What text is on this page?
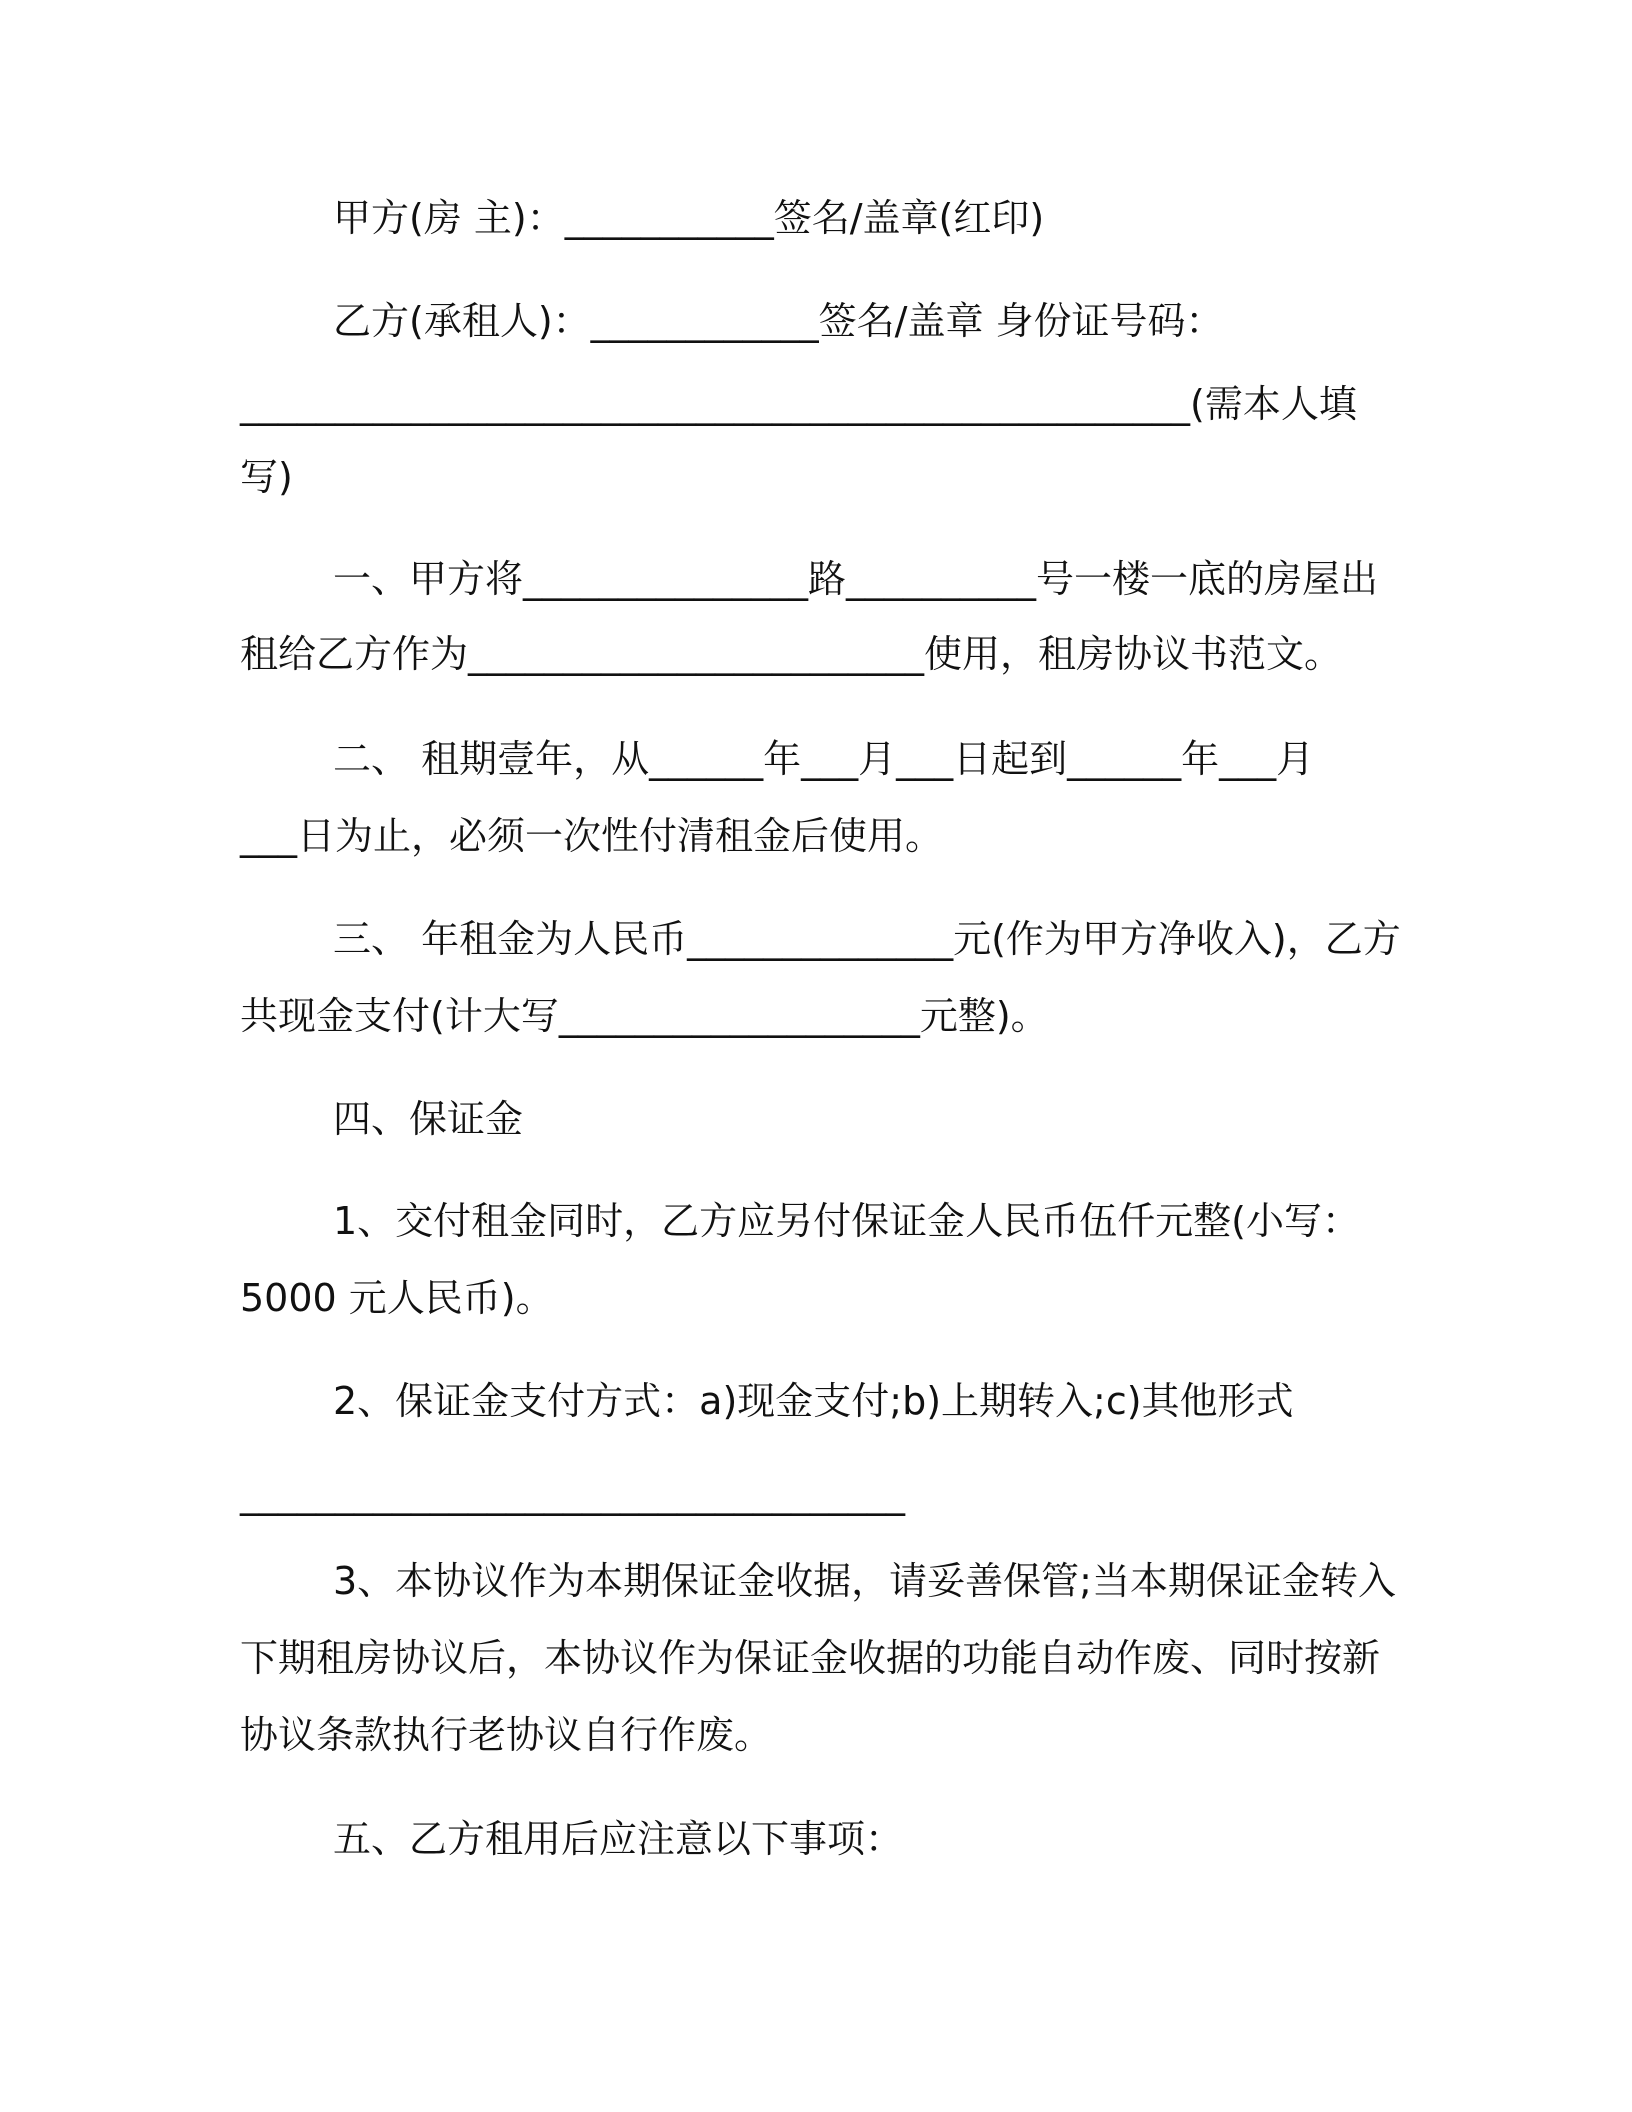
甲方(房 主)：___________签名/盖章(红印)
乙方(承租人)：____________签名/盖章 身份证号码：
__________________________________________________(需本人填
写)
一、甲方将_______________路__________号一楼一底的房屋出
租给乙方作为________________________使用，租房协议书范文。
二、 租期壹年，从______年___月___日起到______年___月
___日为止，必须一次性付清租金后使用。
三、 年租金为人民币______________元(作为甲方净收入)，乙方
共现金支付(计大写___________________元整)。
四、保证金
1、交付租金同时，乙方应另付保证金人民币伍仟元整(小写：
5000 元人民币)。
2、保证金支付方式：a)现金支付;b)上期转入;c)其他形式
___________________________________
3、本协议作为本期保证金收据，请妥善保管;当本期保证金转入
下期租房协议后，本协议作为保证金收据的功能自动作废、同时按新
协议条款执行老协议自行作废。
五、乙方租用后应注意以下事项：
